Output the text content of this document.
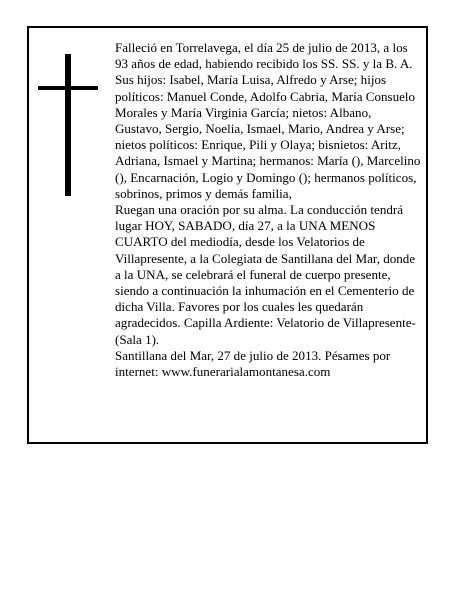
Falleció en Torrelavega, el día 25 de julio de 2013, a los 93 años de edad, habiendo recibido los SS. SS. y la B. A.

Sus hijos: Isabel, María Luisa, Alfredo y Arse; hijos políticos: Manuel Conde, Adolfo Cabria, María Consuelo Morales y María Virginia García; nietos: Albano, Gustavo, Sergio, Noelia, Ismael, Mario, Andrea y Arse; nietos políticos: Enrique, Pili y Olaya; bisnietos: Aritz, Adriana, Ismael y Martina; hermanos: María (), Marcelino (), Encarnación, Logio y Domingo (); hermanos políticos, sobrinos, primos y demás familia,

Ruegan una oración por su alma. La conducción tendrá lugar HOY, SABADO, día 27, a la UNA MENOS CUARTO del mediodía, desde los Velatorios de Villapresente, a la Colegiata de Santillana del Mar, donde a la UNA, se celebrará el funeral de cuerpo presente, siendo a continuación la inhumación en el Cementerio de dicha Villa. Favores por los cuales les quedarán agradecidos. Capilla Ardiente: Velatorio de Villapresente-(Sala 1).

Santillana del Mar, 27 de julio de 2013. Pésames por internet: www.funerarialamontanesa.com
